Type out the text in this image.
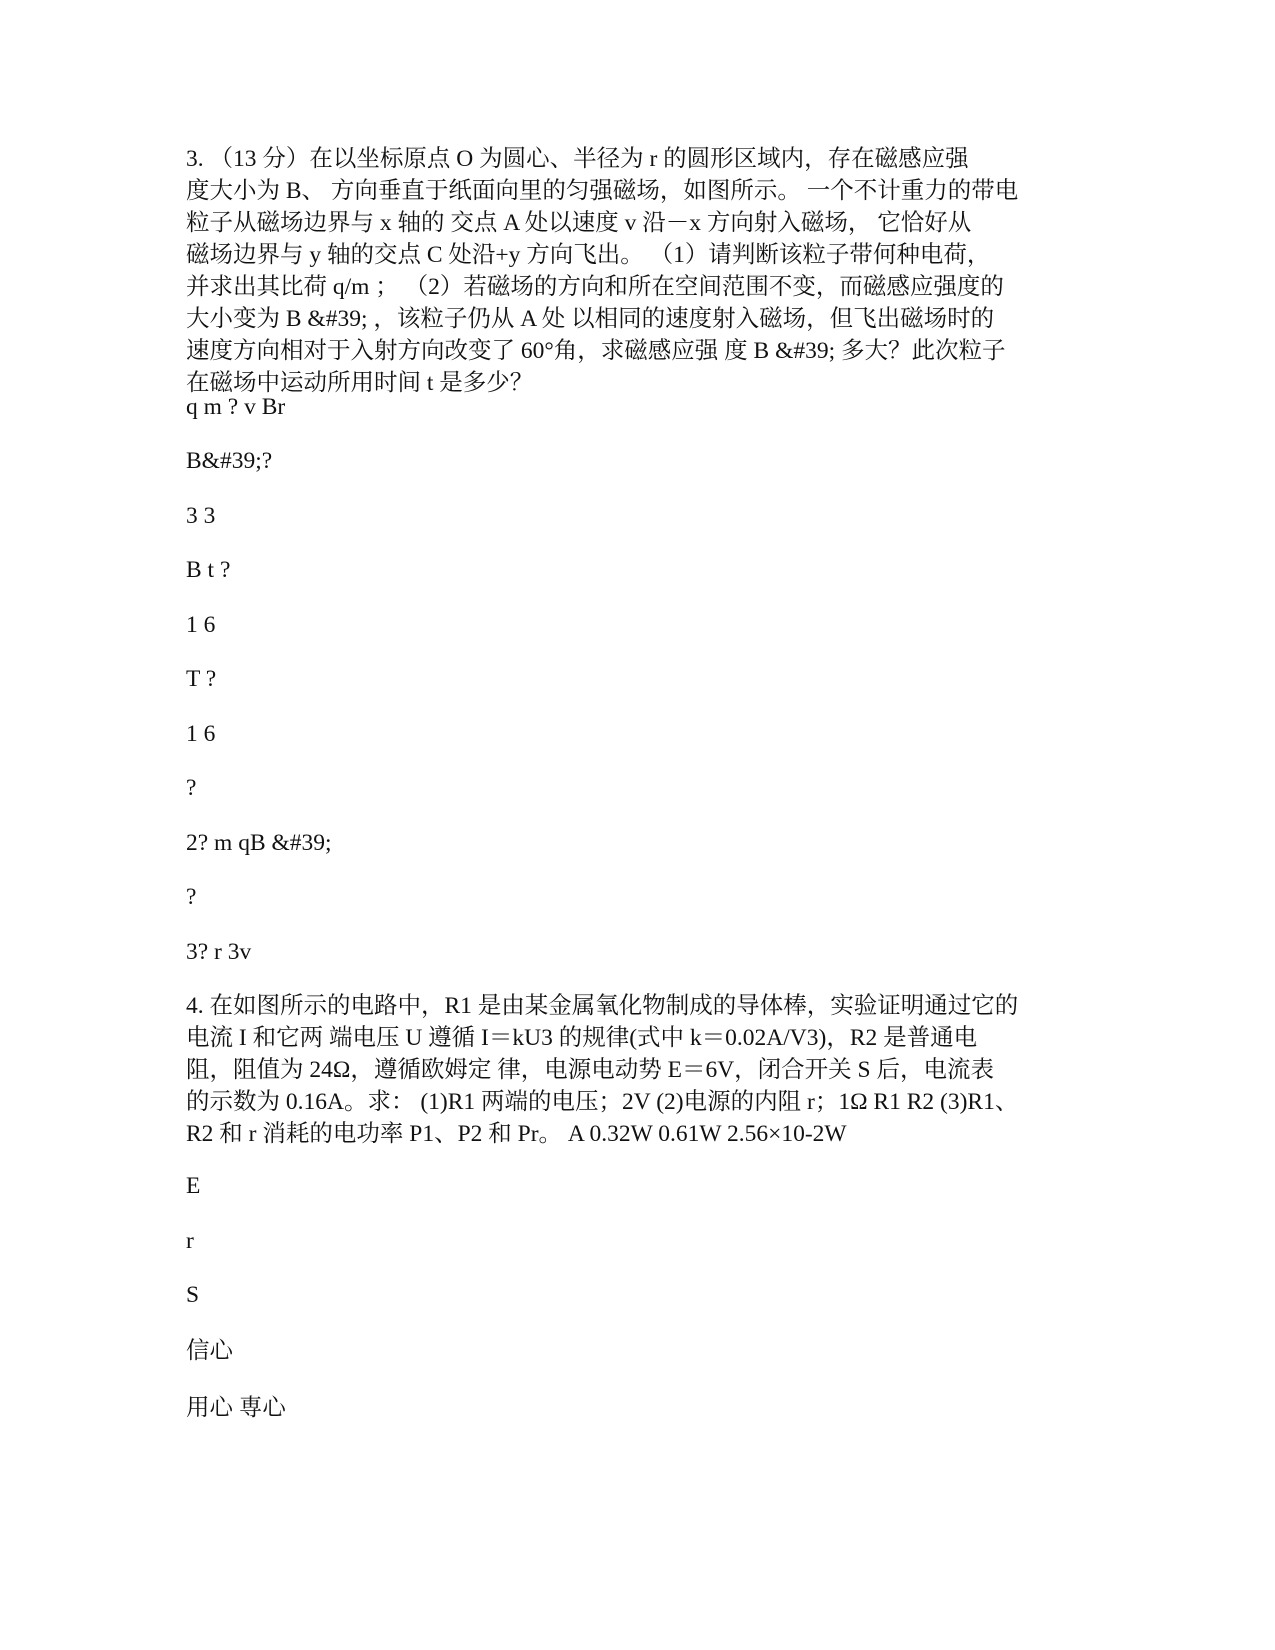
3. （13 分）在以坐标原点 O 为圆心、半径为 r 的圆形区域内，存在磁感应强
度大小为 B、 方向垂直于纸面向里的匀强磁场，如图所示。 一个不计重力的带电
粒子从磁场边界与 x 轴的 交点 A 处以速度 v 沿－x 方向射入磁场， 它恰好从
磁场边界与 y 轴的交点 C 处沿+y 方向飞出。 （1）请判断该粒子带何种电荷，
并求出其比荷 q/m ； （2）若磁场的方向和所在空间范围不变，而磁感应强度的
大小变为 B &#39; ，该粒子仍从 A 处 以相同的速度射入磁场，但飞出磁场时的
速度方向相对于入射方向改变了 60°角，求磁感应强 度 B &#39; 多大？此次粒子
在磁场中运动所用时间 t 是多少？

q m ? v Br

B&#39;?

3 3

B t ?

1 6

T ?

1 6

?

2? m qB &#39;

?

3? r 3v

4. 在如图所示的电路中，R1 是由某金属氧化物制成的导体棒，实验证明通过它的
电流 I 和它两 端电压 U 遵循 I＝kU3 的规律(式中 k＝0.02A/V3)，R2 是普通电
阻，阻值为 24Ω，遵循欧姆定 律，电源电动势 E＝6V，闭合开关 S 后，电流表
的示数为 0.16A。求： (1)R1 两端的电压；2V (2)电源的内阻 r；1Ω R1 R2 (3)R1、
R2 和 r 消耗的电功率 P1、P2 和 Pr。 A 0.32W 0.61W 2.56×10-2W

E

r

S

信心

用心 専心
